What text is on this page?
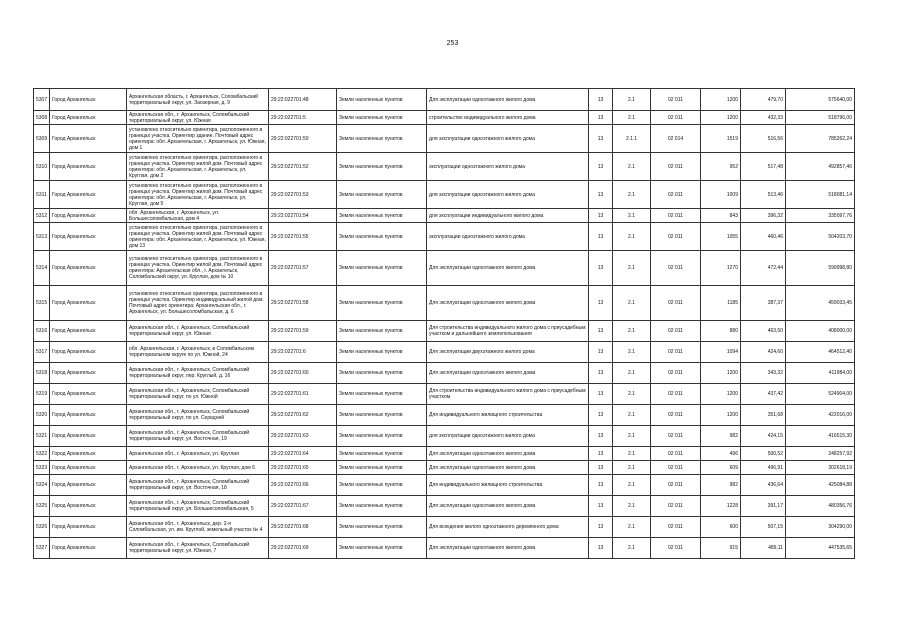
253
5307	Город Архангельск	Архангельская область, г. Архангельск, Соломбальский территориальный округ, ул. Заозерная, д. 9	29:22:022701:48	Земли населенных пунктов	Для эксплуатации одноэтажного жилого дома	13	2.1	02 011	1200	479,70	575640,00
5308	Город Архангельск	Архангельская обл., г. Архангельск, Соломбальский территориальный округ, ул. Южная	29:22:022701:5	Земли населенных пунктов	строительство индивидуального жилого дома	13	2.1	02 011	1200	432,33	518796,00
5309	Город Архангельск	установлено относительно ориентира, расположенного в границах участка. Ориентир здание. Почтовый адрес ориентира: обл. Архангельская, г. Архангельск, ул. Южная, дом 1	29:22:022701:50	Земли населенных пунктов	для эксплуатации одноэтажного жилого дома	13	2.1.1	02 014	1519	516,56	785262,24
5310	Город Архангельск	установлено относительно ориентира, расположенного в границах участка. Ориентир жилой дом. Почтовый адрес ориентира: обл. Архангельская, г. Архангельск, ул. Круглая, дом 2	29:22:022701:52	Земли населенных пунктов	эксплуатации одноэтажного жилого дома	13	2.1	02 011	952	517,48	492857,46
5311	Город Архангельск	установлено относительно ориентира, расположенного в границах участка. Ориентир жилой дом. Почтовый адрес ориентира: обл. Архангельская, г. Архангельск, ул. Круглая, дом 5	29:22:022701:53	Земли населенных пунктов	для эксплуатации одноэтажного жилого дома	13	2.1	02 011	1009	513,46	518081,14
5312	Город Архангельск	обл. Архангельская, г. Архангельск, ул. Большесоломбальская, дом 4	29:22:022701:54	Земли населенных пунктов	для эксплуатации индивидуального жилого дома	13	2.1	02 011	843	396,32	335097,76
5313	Город Архангельск	установлено относительно ориентира, расположенного в границах участка. Ориентир жилой дом. Почтовый адрес ориентира: обл. Архангельская, г. Архангельск, ул. Южная, дом 13	29:22:022701:55	Земли населенных пунктов	эксплуатации одноэтажного жилого дома	13	2.1	02 011	1055	460,46	504203,70
5314	Город Архангельск	установлено относительно ориентира, расположенного в границах участка. Ориентир жилой дом. Почтовый адрес ориентира: Архангельская обл., г. Архангельск, Соломбальский округ, ул. Круглая, дом № 10	29:22:022701:57	Земли населенных пунктов	Для эксплуатации одноэтажного жилого дома	13	2.1	02 011	1270	472,44	599998,80
5315	Город Архангельск	установлено относительно ориентира, расположенного в границах участка. Ориентир индивидуальный жилой дом. Почтовый адрес ориентира: Архангельская обл., г. Архангельск, ул. Большесоломбальская, д. 6	29:22:022701:58	Земли населенных пунктов	Для эксплуатации одноэтажного жилого дома	13	2.1	02 011	1185	387,37	459033,45
5316	Город Архангельск	Архангельская обл., г. Архангельск, Соломбальский территориальный округ, ул. Южная	29:22:022701:59	Земли населенных пунктов	Для строительства индивидуального жилого дома с приусадебным участком и дальнейшего землепользования	13	2.1	02 011	880	463,50	408000,00
5317	Город Архангельск	обл. Архангельская, г. Архангельск, в Соломбальском территориальном округе по ул. Южной, 24	29:22:022701:6	Земли населенных пунктов	Для эксплуатации двухэтажного жилого дома	13	2.1	02 011	1094	424,60	464512,40
5318	Город Архангельск	Архангельская обл., г. Архангельск, Соломбальский территориальный округ, пер. Круглый, д. 16	29:22:022701:60	Земли населенных пунктов	Для эксплуатации одноэтажного жилого дома	13	2.1	02 011	1200	343,32	411984,00
5319	Город Архангельск	Архангельская обл., г. Архангельск, Соломбальский территориальный округ, по ул. Южной	29:22:022701:61	Земли населенных пунктов	Для строительства индивидуального жилого дома с приусадебным участком	13	2.1	02 011	1200	437,42	524904,00
5320	Город Архангельск	Архангельская обл., г. Архангельск, Соломбальский территориальный округ, по ул. Середней	29:22:022701:62	Земли населенных пунктов	Для индивидуального жилищного строительства	13	2.1	02 011	1200	351,68	422016,00
5321	Город Архангельск	Архангельская обл., г. Архангельск, Соломбальский территориальный округ, ул. Восточная, 19	29:22:022701:63	Земли населенных пунктов	для эксплуатации одноэтажного жилого дома	13	2.1	02 011	982	424,15	416515,30
5322	Город Архангельск	Архангельская обл., г. Архангельск, ул. Круглая	29:22:022701:64	Земли населенных пунктов	Для эксплуатации одноэтажного жилого дома	13	2.1	02 011	496	500,52	248257,92
5323	Город Архангельск	Архангельская обл., г. Архангельск, ул. Круглая, дом 6	29:22:022701:65	Земли населенных пунктов	Для эксплуатации одноэтажного жилого дома	13	2.1	02 011	609	496,91	302618,19
5324	Город Архангельск	Архангельская обл., г. Архангельск, Соломбальский территориальный округ, ул. Восточная, 18	29:22:022701:66	Земли населенных пунктов	Для индивидуального жилищного строительства	13	2.1	02 011	982	436,64	425084,88
5325	Город Архангельск	Архангельская обл., г. Архангельск, Соломбальский территориальный округ, ул. Большесоломбальская, 5	29:22:022701:67	Земли населенных пунктов	Для эксплуатации одноэтажного жилого дома	13	2.1	02 011	1228	391,17	480356,76
5326	Город Архангельск	Архангельская обл., г. Архангельск, дер. 2-я Соломбальская, ул. им. Круглой, земельный участок № 4	29:22:022701:68	Земли населенных пунктов	Для всекдения жилого одноэтажного деревянного дома	13	2.1	02 011	600	507,15	304290,00
5327	Город Архангельск	Архангельская обл., г. Архангельск, Соломбальский территориальный округ, ул. Южная, 7	29:22:022701:69	Земли населенных пунктов	Для эксплуатации одноэтажного жилого дома	13	2.1	02 011	915	489,11	447535,65
